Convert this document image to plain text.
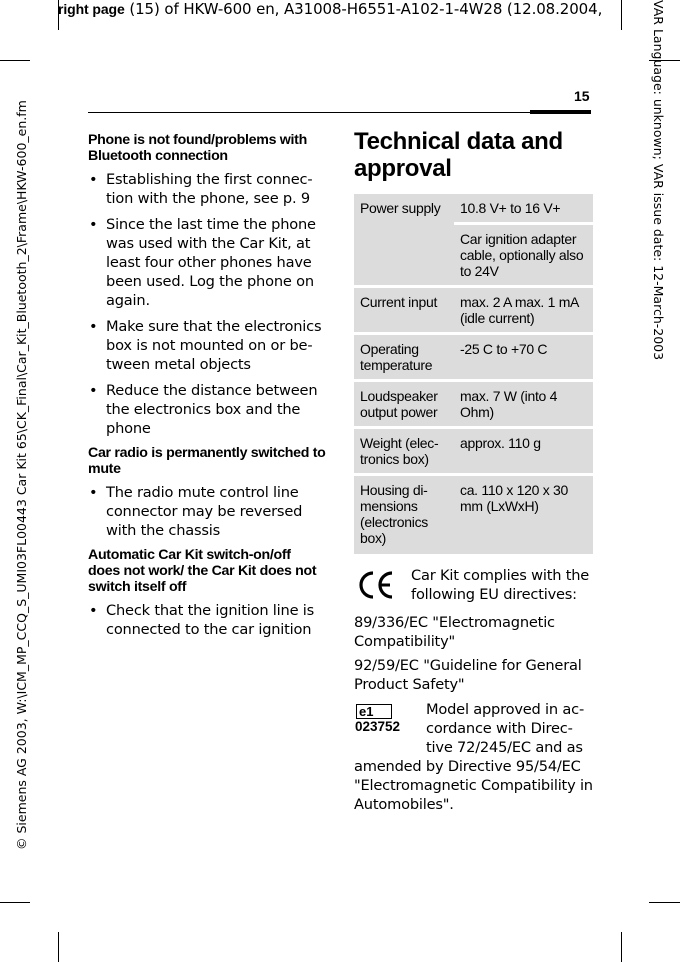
right page (15) of HKW-600 en, A31008-H6551-A102-1-4W28 (12.08.2004,
© Siemens AG 2003, W:\ICM_MP_CCQ_S_UMI03FL00443 Car Kit 65\CK_Final\Car_Kit_Bluetooth_2\Frame\HKW-600_en.fm	VAR Language: unknown; VAR issue date: 12-March-2003
15

Phone is not found/problems with Bluetooth connection

• Establishing the first connec-tion with the phone, see p. 9
• Since the last time the phone was used with the Car Kit, at least four other phones have been used. Log the phone on again.
• Make sure that the electronics box is not mounted on or be-tween metal objects
• Reduce the distance between the electronics box and the phone

Car radio is permanently switched to mute

• The radio mute control line connector may be reversed with the chassis

Automatic Car Kit switch-on/off does not work/ the Car Kit does not switch itself off

• Check that the ignition line is connected to the car ignition
Technical data and approval
Power supply	10.8 V+ to 16 V+
	Car ignition adapter cable, optionally also to 24V
Current input	max. 2 A max. 1 mA (idle current)
Operating temperature	-25 C to +70 C
Loudspeaker output power	max. 7 W (into 4 Ohm)
Weight (elec-tronics box)	approx. 110 g
Housing di-mensions (electronics box)	ca. 110 x 120 x 30 mm (LxWxH)

Car Kit complies with the following EU directives:

89/336/EC "Electromagnetic Compatibility"

92/59/EC "Guideline for General Product Safety"

e1
023752

Model approved in ac-cordance with Direc-tive 72/245/EC and as

amended by Directive 95/54/EC "Electromagnetic Compatibility in Automobiles".
